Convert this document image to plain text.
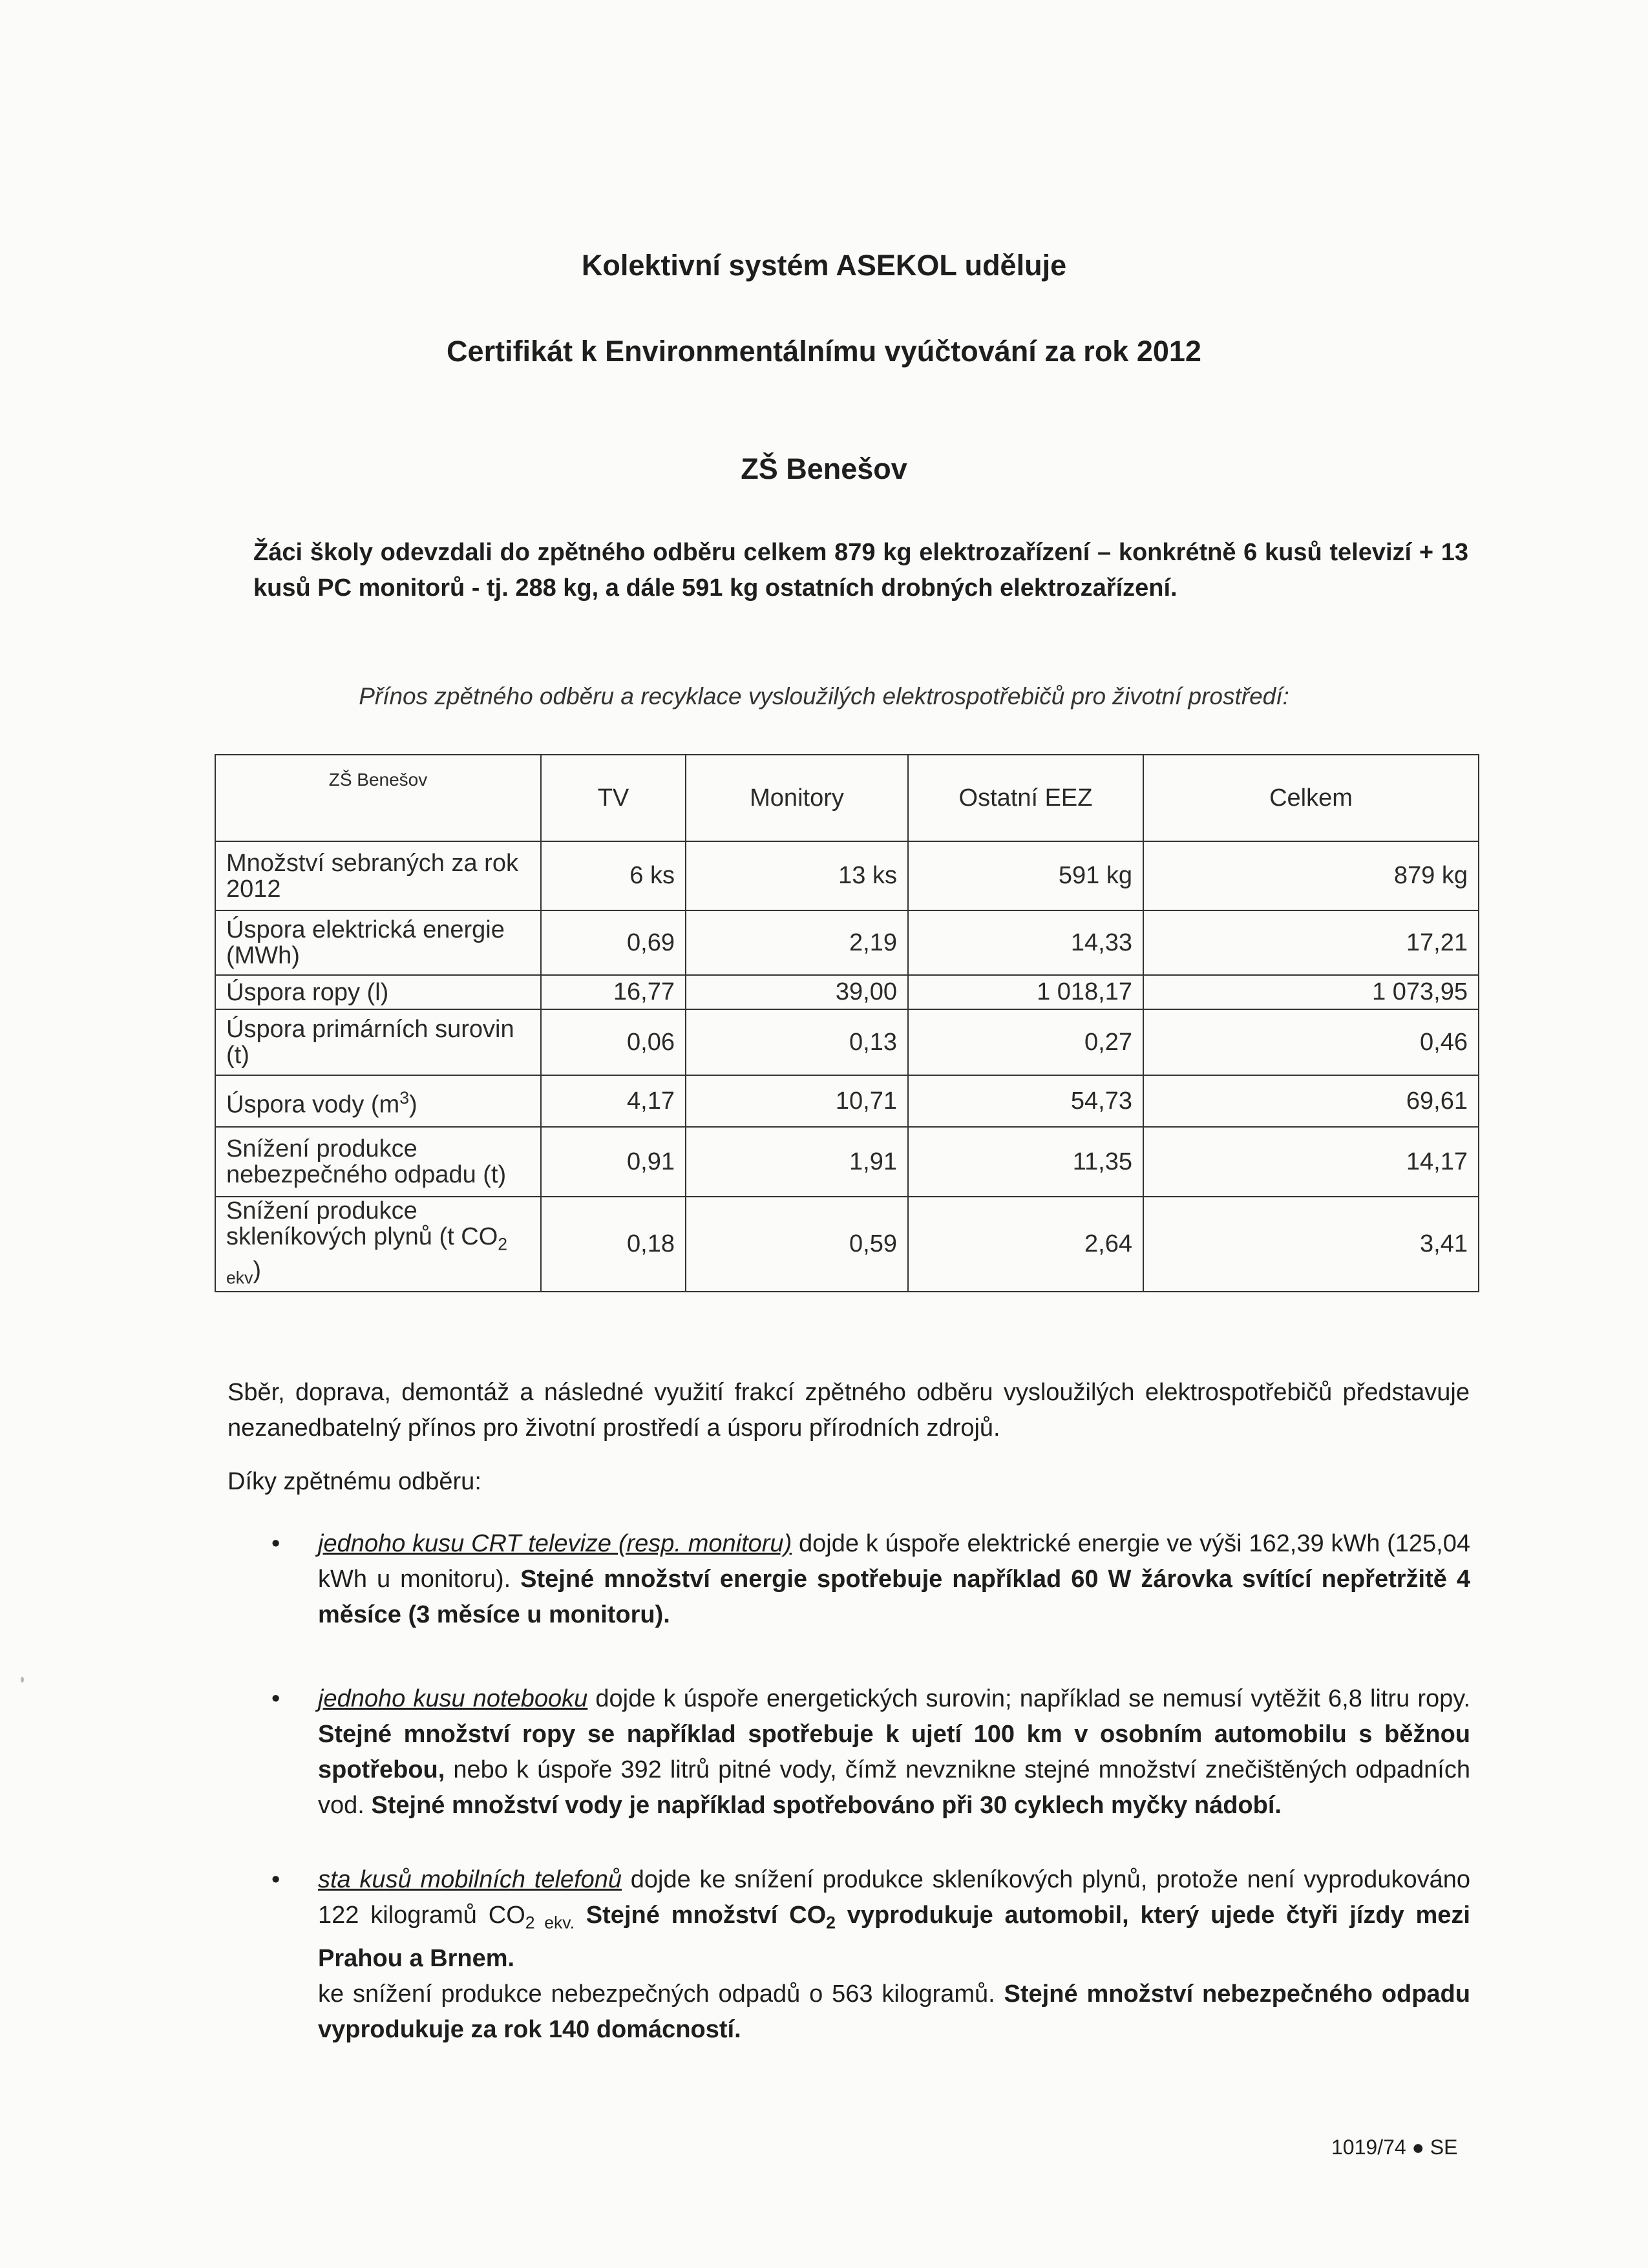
Kolektivní systém ASEKOL uděluje
Certifikát k Environmentálnímu vyúčtování za rok 2012
ZŠ Benešov
Žáci školy odevzdali do zpětného odběru celkem 879 kg elektrozařízení – konkrétně 6 kusů televizí + 13 kusů PC monitorů - tj. 288 kg, a dále 591 kg ostatních drobných elektrozařízení.
Přínos zpětného odběru a recyklace vysloužilých elektrospotřebičů pro životní prostředí:
ZŠ Benešov	TV	Monitory	Ostatní EEZ	Celkem
Množství sebraných za rok 2012	6 ks	13 ks	591 kg	879 kg
Úspora elektrická energie (MWh)	0,69	2,19	14,33	17,21
Úspora ropy (l)	16,77	39,00	1 018,17	1 073,95
Úspora primárních surovin (t)	0,06	0,13	0,27	0,46
Úspora vody $(m^3)$	4,17	10,71	54,73	69,61
Snížení produkce nebezpečného odpadu (t)	0,91	1,91	11,35	14,17
Snížení produkce skleníkových plynů (t $CO_{2 ekv}$)	0,18	0,59	2,64	3,41
Sběr, doprava, demontáž a následné využití frakcí zpětného odběru vysloužilých elektrospotřebičů představuje nezanedbatelný přínos pro životní prostředí a úsporu přírodních zdrojů.
Díky zpětnému odběru:
• jednoho kusu CRT televize (resp. monitoru) dojde k úspoře elektrické energie ve výši 162,39 kWh (125,04 kWh u monitoru). Stejné množství energie spotřebuje například 60 W žárovka svítící nepřetržitě 4 měsíce (3 měsíce u monitoru).
• jednoho kusu notebooku dojde k úspoře energetických surovin; například se nemusí vytěžit 6,8 litru ropy. Stejné množství ropy se například spotřebuje k ujetí 100 km v osobním automobilu s běžnou spotřebou, nebo k úspoře 392 litrů pitné vody, čímž nevznikne stejné množství znečištěných odpadních vod. Stejné množství vody je například spotřebováno při 30 cyklech myčky nádobí.
• sta kusů mobilních telefonů dojde ke snížení produkce skleníkových plynů, protože není vyprodukováno 122 kilogramů $CO_{2 ekv.}$ Stejné množství $CO_2$ vyprodukuje automobil, který ujede čtyři jízdy mezi Prahou a Brnem.
ke snížení produkce nebezpečných odpadů o 563 kilogramů. Stejné množství nebezpečného odpadu vyprodukuje za rok 140 domácností.
1019/74 ● SE
